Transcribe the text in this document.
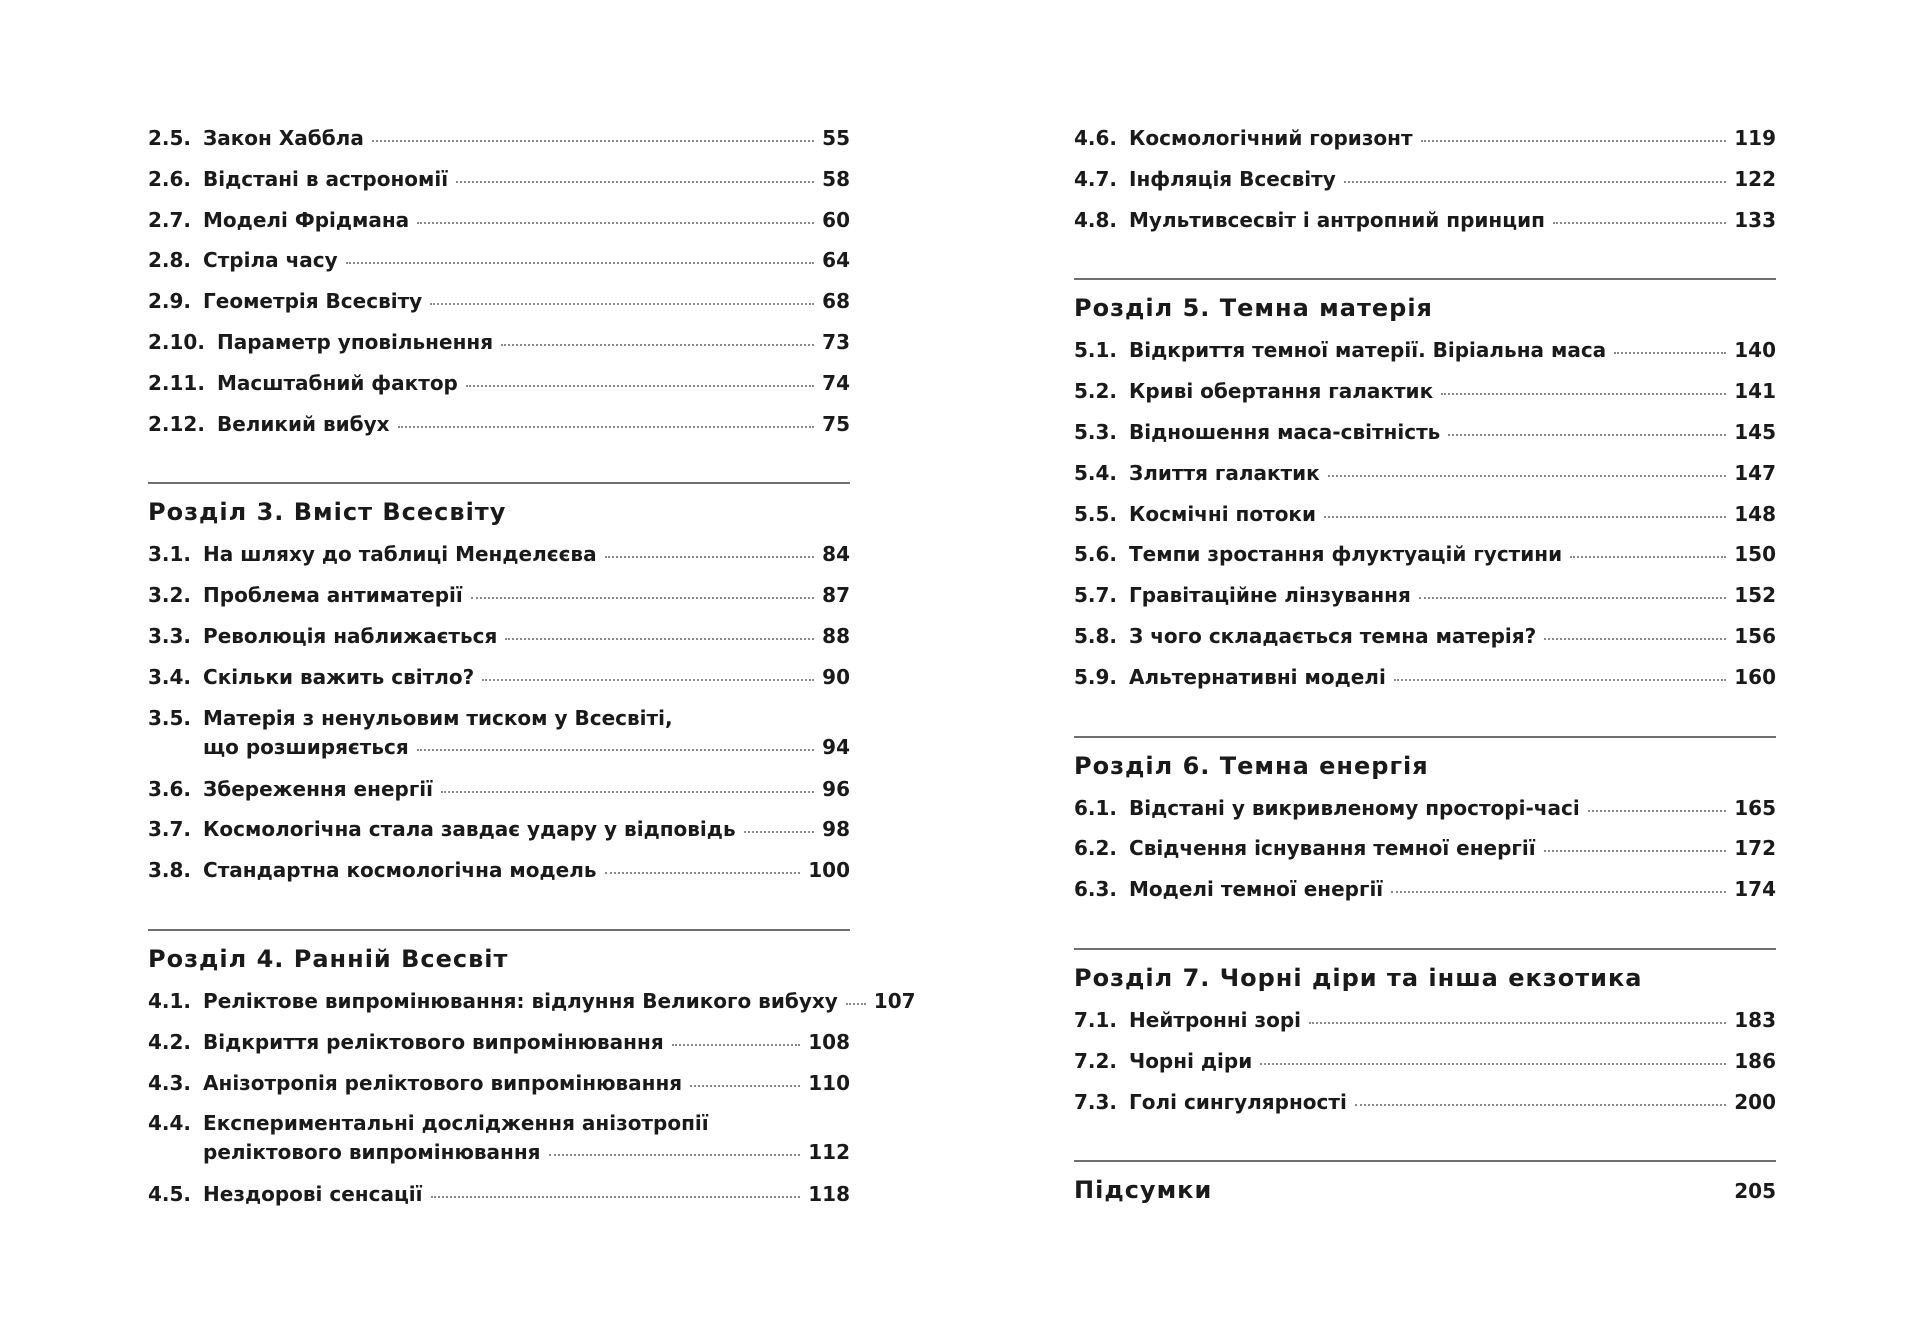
2.5. Закон Хаббла	55
2.6. Відстані в астрономії	58
2.7. Моделі Фрідмана	60
2.8. Стріла часу	64
2.9. Геометрія Всесвіту	68
2.10. Параметр уповільнення	73
2.11. Масштабний фактор	74
2.12. Великий вибух	75
Розділ 3. Вміст Всесвіту
3.1. На шляху до таблиці Менделєєва	84
3.2. Проблема антиматерії	87
3.3. Революція наближається	88
3.4. Скільки важить світло?	90
3.5. Матерія з ненульовим тиском у Всесвіті,
що розширяється	94
3.6. Збереження енергії	96
3.7. Космологічна стала завдає удару у відповідь	98
3.8. Стандартна космологічна модель	100
Розділ 4. Ранній Всесвіт
4.1. Реліктове випромінювання: відлуння Великого вибуху 107
4.2. Відкриття реліктового випромінювання	108
4.3. Анізотропія реліктового випромінювання	110
4.4. Експериментальні дослідження анізотропії
реліктового випромінювання	112
4.5. Нездорові сенсації	118
4.6. Космологічний горизонт	119
4.7. Інфляція Всесвіту	122
4.8. Мультивсесвіт і антропний принцип	133
Розділ 5. Темна матерія
5.1. Відкриття темної матерії. Віріальна маса	140
5.2. Криві обертання галактик	141
5.3. Відношення маса-світність	145
5.4. Злиття галактик	147
5.5. Космічні потоки	148
5.6. Темпи зростання флуктуацій густини	150
5.7. Гравітаційне лінзування	152
5.8. З чого складається темна матерія?	156
5.9. Альтернативні моделі	160
Розділ 6. Темна енергія
6.1. Відстані у викривленому просторі-часі	165
6.2. Свідчення існування темної енергії	172
6.3. Моделі темної енергії	174
Розділ 7. Чорні діри та інша екзотика
7.1. Нейтронні зорі	183
7.2. Чорні діри	186
7.3. Голі сингулярності	200
Підсумки	205
